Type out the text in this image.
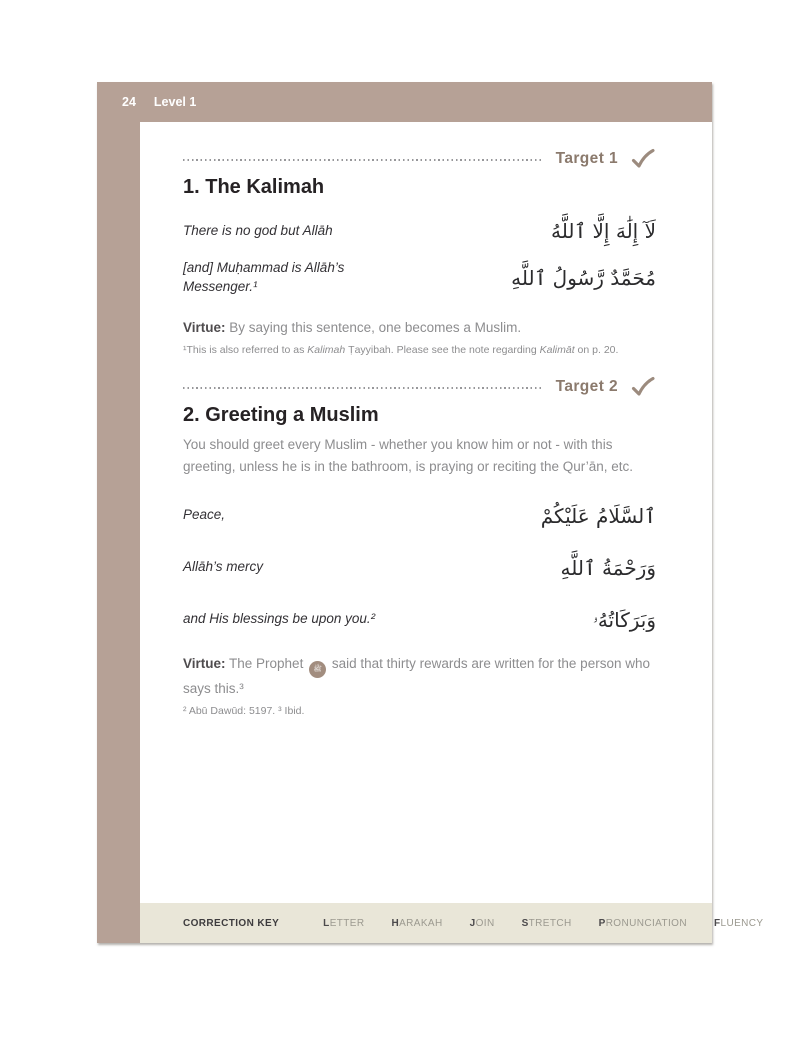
24 Level 1
Target 1
1. The Kalimah
There is no god but Allāh	لَآ إِلَٰهَ إِلَّا ٱللَّهُ
[and] Muḥammad is Allāh’s Messenger.¹	مُحَمَّدٌ رَّسُولُ ٱللَّهِ
Virtue: By saying this sentence, one becomes a Muslim.
¹This is also referred to as Kalimah Ṭayyibah. Please see the note regarding Kalimāt on p. 20.
Target 2
2. Greeting a Muslim
You should greet every Muslim - whether you know him or not - with this greeting, unless he is in the bathroom, is praying or reciting the Qur’ān, etc.
Peace,	ٱلسَّلَامُ عَلَيْكُمْ
Allāh’s mercy	وَرَحْمَةُ ٱللَّهِ
and His blessings be upon you.²	وَبَرَكَاتُهُۥ
Virtue: The Prophet ﷺ said that thirty rewards are written for the person who says this.³
² Abū Dawūd: 5197. ³ Ibid.
CORRECTION KEY	LETTER	HARAKAH	JOIN	STRETCH	PRONUNCIATION	FLUENCY
